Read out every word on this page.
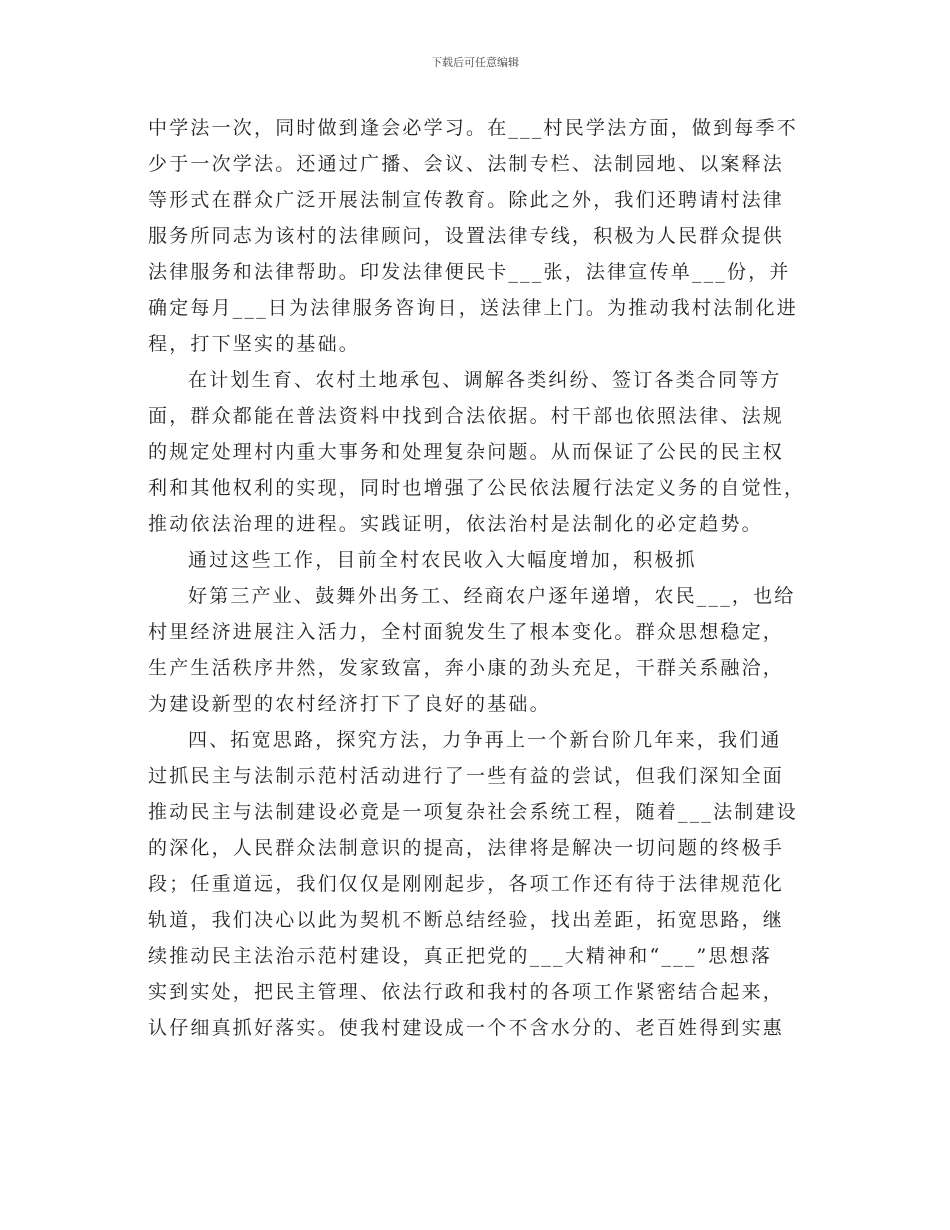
下载后可任意编辑
中学法一次，同时做到逢会必学习。在___村民学法方面，做到每季不
少于一次学法。还通过广播、会议、法制专栏、法制园地、以案释法
等形式在群众广泛开展法制宣传教育。除此之外，我们还聘请村法律
服务所同志为该村的法律顾问，设置法律专线，积极为人民群众提供
法律服务和法律帮助。印发法律便民卡___张，法律宣传单___份，并
确定每月___日为法律服务咨询日，送法律上门。为推动我村法制化进
程，打下坚实的基础。
在计划生育、农村土地承包、调解各类纠纷、签订各类合同等方
面，群众都能在普法资料中找到合法依据。村干部也依照法律、法规
的规定处理村内重大事务和处理复杂问题。从而保证了公民的民主权
利和其他权利的实现，同时也增强了公民依法履行法定义务的自觉性，
推动依法治理的进程。实践证明，依法治村是法制化的必定趋势。
通过这些工作，目前全村农民收入大幅度增加，积极抓
好第三产业、鼓舞外出务工、经商农户逐年递增，农民___，也给
村里经济进展注入活力，全村面貌发生了根本变化。群众思想稳定，
生产生活秩序井然，发家致富，奔小康的劲头充足，干群关系融洽，
为建设新型的农村经济打下了良好的基础。
四、拓宽思路，探究方法，力争再上一个新台阶几年来，我们通
过抓民主与法制示范村活动进行了一些有益的尝试，但我们深知全面
推动民主与法制建设必竟是一项复杂社会系统工程，随着___法制建设
的深化，人民群众法制意识的提高，法律将是解决一切问题的终极手
段；任重道远，我们仅仅是刚刚起步，各项工作还有待于法律规范化
轨道，我们决心以此为契机不断总结经验，找出差距，拓宽思路，继
续推动民主法治示范村建设，真正把党的___大精神和“___”思想落
实到实处，把民主管理、依法行政和我村的各项工作紧密结合起来，
认仔细真抓好落实。使我村建设成一个不含水分的、老百姓得到实惠
